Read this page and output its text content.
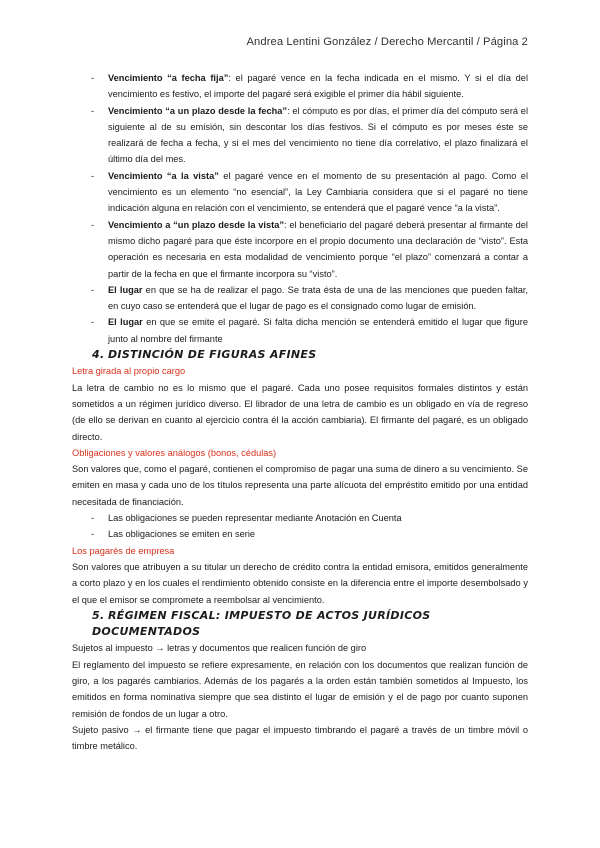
Andrea Lentini González / Derecho Mercantil / Página 2
- Vencimiento “a fecha fija”: el pagaré vence en la fecha indicada en el mismo. Y si el día del vencimiento es festivo, el importe del pagaré será exigible el primer día hábil siguiente.
- Vencimiento “a un plazo desde la fecha”: el cómputo es por días, el primer día del cómputo será el siguiente al de su emisión, sin descontar los días festivos. Si el cómputo es por meses éste se realizará de fecha a fecha, y si el mes del vencimiento no tiene día correlativo, el plazo finalizará el último día del mes.
- Vencimiento “a la vista” el pagaré vence en el momento de su presentación al pago. Como el vencimiento es un elemento “no esencial”, la Ley Cambiaria considera que si el pagaré no tiene indicación alguna en relación con el vencimiento, se entenderá que el pagaré vence “a la vista”.
- Vencimiento a “un plazo desde la vista”: el beneficiario del pagaré deberá presentar al firmante del mismo dicho pagaré para que éste incorpore en el propio documento una declaración de “visto”. Esta operación es necesaria en esta modalidad de vencimiento porque “el plazo” comenzará a contar a partir de la fecha en que el firmante incorpora su “visto”.
- El lugar en que se ha de realizar el pago. Se trata ésta de una de las menciones que pueden faltar, en cuyo caso se entenderá que el lugar de pago es el consignado como lugar de emisión.
- El lugar en que se emite el pagaré. Si falta dicha mención se entenderá emitido el lugar que figure junto al nombre del firmante
4. DISTINCIÓN DE FIGURAS AFINES

Letra girada al propio cargo

La letra de cambio no es lo mismo que el pagaré. Cada uno posee requisitos formales distintos y están sometidos a un régimen jurídico diverso. El librador de una letra de cambio es un obligado en vía de regreso (de ello se derivan en cuanto al ejercicio contra él la acción cambiaria). El firmante del pagaré, es un obligado directo.

Obligaciones y valores análogos (bonos, cédulas)

Son valores que, como el pagaré, contienen el compromiso de pagar una suma de dinero a su vencimiento. Se emiten en masa y cada uno de los títulos representa una parte alícuota del empréstito emitido por una entidad necesitada de financiación.

- Las obligaciones se pueden representar mediante Anotación en Cuenta
- Las obligaciones se emiten en serie

Los pagarés de empresa

Son valores que atribuyen a su titular un derecho de crédito contra la entidad emisora, emitidos generalmente a corto plazo y en los cuales el rendimiento obtenido consiste en la diferencia entre el importe desembolsado y el que el emisor se compromete a reembolsar al vencimiento.

5. RÉGIMEN FISCAL: IMPUESTO DE ACTOS JURÍDICOS DOCUMENTADOS

Sujetos al impuesto → letras y documentos que realicen función de giro

El reglamento del impuesto se refiere expresamente, en relación con los documentos que realizan función de giro, a los pagarés cambiarios. Además de los pagarés a la orden están también sometidos al Impuesto, los emitidos en forma nominativa siempre que sea distinto el lugar de emisión y el de pago por cuanto suponen remisión de fondos de un lugar a otro.

Sujeto pasivo → el firmante tiene que pagar el impuesto timbrando el pagaré a través de un timbre móvil o timbre metálico.
